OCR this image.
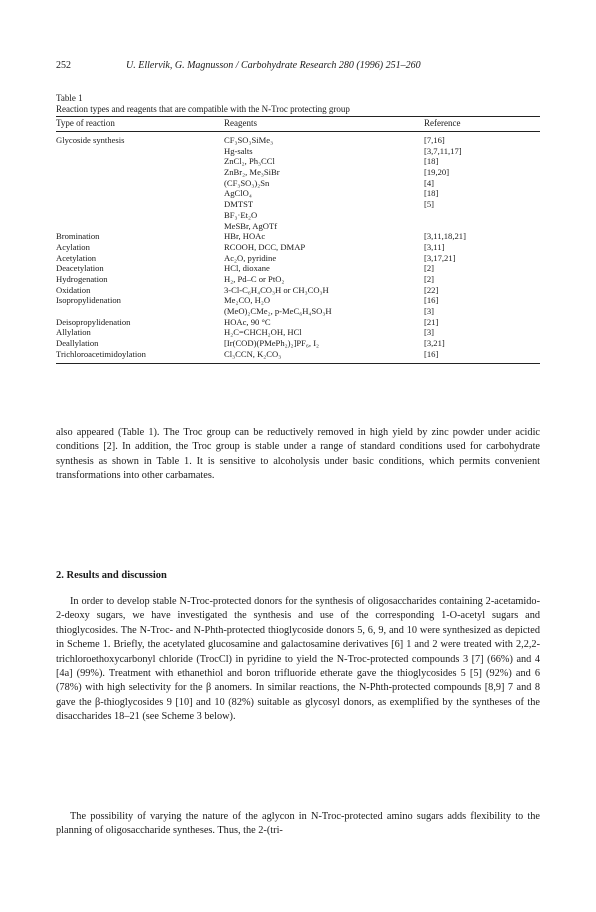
252	U. Ellervik, G. Magnusson / Carbohydrate Research 280 (1996) 251–260
Table 1
Reaction types and reagents that are compatible with the N-Troc protecting group
Type of reaction	Reagents	Reference
Glycoside synthesis	CF₃SO₃SiMe₃	[7,16]
	Hg-salts	[3,7,11,17]
	ZnCl₂, Ph₃CCl	[18]
	ZnBr₂, Me₃SiBr	[19,20]
	(CF₃SO₃)₂Sn	[4]
	AgClO₄	[18]
	DMTST	[5]
	BF₃·Et₂O	
	MeSBr, AgOTf	
Bromination	HBr, HOAc	[3,11,18,21]
Acylation	RCOOH, DCC, DMAP	[3,11]
Acetylation	Ac₂O, pyridine	[3,17,21]
Deacetylation	HCl, dioxane	[2]
Hydrogenation	H₂, Pd–C or PtO₂	[2]
Oxidation	3-Cl-C₆H₄CO₃H or CH₃CO₃H	[22]
Isopropylidenation	Me₂CO, H₂O	[16]
	(MeO)₂CMe₂, p-MeC₆H₄SO₃H	[3]
Deisopropylidenation	HOAc, 90 °C	[21]
Allylation	H₂C=CHCH₂OH, HCl	[3]
Deallylation	[Ir(COD)(PMePh₂)₂]PF₆, I₂	[3,21]
Trichloroacetimidoylation	Cl₃CCN, K₂CO₃	[16]

also appeared (Table 1). The Troc group can be reductively removed in high yield by zinc powder under acidic conditions [2]. In addition, the Troc group is stable under a range of standard conditions used for carbohydrate synthesis as shown in Table 1. It is sensitive to alcoholysis under basic conditions, which permits convenient transformations into other carbamates.

2. Results and discussion

In order to develop stable N-Troc-protected donors for the synthesis of oligosaccharides containing 2-acetamido-2-deoxy sugars, we have investigated the synthesis and use of the corresponding 1-O-acetyl sugars and thioglycosides. The N-Troc- and N-Phth-protected thioglycoside donors 5, 6, 9, and 10 were synthesized as depicted in Scheme 1. Briefly, the acetylated glucosamine and galactosamine derivatives [6] 1 and 2 were treated with 2,2,2-trichloroethoxycarbonyl chloride (TrocCl) in pyridine to yield the N-Troc-protected compounds 3 [7] (66%) and 4 [4a] (99%). Treatment with ethanethiol and boron trifluoride etherate gave the thioglycosides 5 [5] (92%) and 6 (78%) with high selectivity for the β anomers. In similar reactions, the N-Phth-protected compounds [8,9] 7 and 8 gave the β-thioglycosides 9 [10] and 10 (82%) suitable as glycosyl donors, as exemplified by the syntheses of the disaccharides 18–21 (see Scheme 3 below).

The possibility of varying the nature of the aglycon in N-Troc-protected amino sugars adds flexibility to the planning of oligosaccharide syntheses. Thus, the 2-(tri-
